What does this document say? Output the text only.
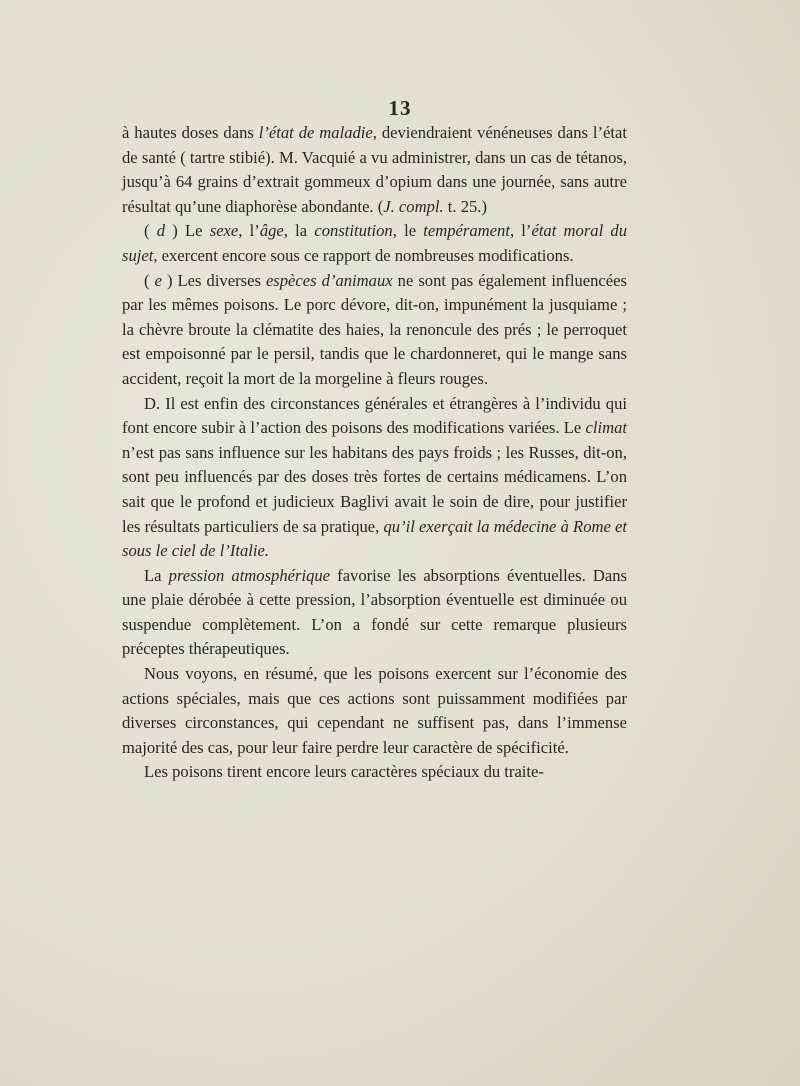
13

à hautes doses dans l’état de maladie, deviendraient vénéneuses dans l’état de santé ( tartre stibié). M. Vacquié a vu administrer, dans un cas de tétanos, jusqu’à 64 grains d’extrait gommeux d’opium dans une journée, sans autre résultat qu’une diaphorèse abondante. (J. compl. t. 25.)

( d ) Le sexe, l’âge, la constitution, le tempérament, l’état moral du sujet, exercent encore sous ce rapport de nombreuses modifications.

( e ) Les diverses espèces d’animaux ne sont pas également influencées par les mêmes poisons. Le porc dévore, dit-on, impunément la jusquiame ; la chèvre broute la clématite des haies, la renoncule des prés ; le perroquet est empoisonné par le persil, tandis que le chardonneret, qui le mange sans accident, reçoit la mort de la morgeline à fleurs rouges.

D. Il est enfin des circonstances générales et étrangères à l’individu qui font encore subir à l’action des poisons des modifications variées. Le climat n’est pas sans influence sur les habitans des pays froids ; les Russes, dit-on, sont peu influencés par des doses très fortes de certains médicamens. L’on sait que le profond et judicieux Baglivi avait le soin de dire, pour justifier les résultats particuliers de sa pratique, qu’il exerçait la médecine à Rome et sous le ciel de l’Italie.

La pression atmosphérique favorise les absorptions éventuelles. Dans une plaie dérobée à cette pression, l’absorption éventuelle est diminuée ou suspendue complètement. L’on a fondé sur cette remarque plusieurs préceptes thérapeutiques.

Nous voyons, en résumé, que les poisons exercent sur l’économie des actions spéciales, mais que ces actions sont puissamment modifiées par diverses circonstances, qui cependant ne suffisent pas, dans l’immense majorité des cas, pour leur faire perdre leur caractère de spécificité.

Les poisons tirent encore leurs caractères spéciaux du traite-
